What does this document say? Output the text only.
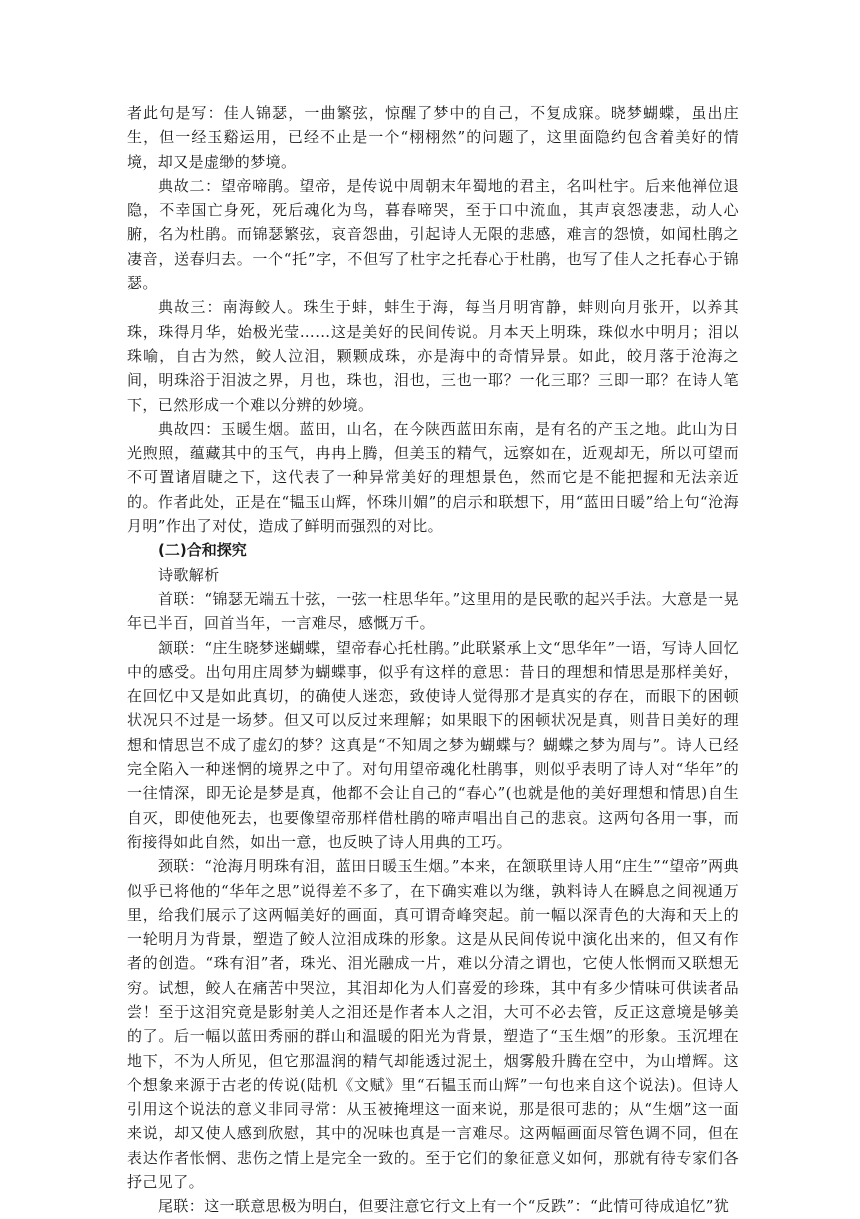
者此句是写：佳人锦瑟，一曲繁弦，惊醒了梦中的自己，不复成寐。晓梦蝴蝶，虽出庄生，但一经玉谿运用，已经不止是一个“栩栩然”的问题了，这里面隐约包含着美好的情境，却又是虚缈的梦境。

典故二：望帝啼鹃。望帝，是传说中周朝末年蜀地的君主，名叫杜宇。后来他禅位退隐，不幸国亡身死，死后魂化为鸟，暮春啼哭，至于口中流血，其声哀怨凄悲，动人心腑，名为杜鹃。而锦瑟繁弦，哀音怨曲，引起诗人无限的悲感，难言的怨愤，如闻杜鹃之凄音，送春归去。一个“托”字，不但写了杜宇之托春心于杜鹃，也写了佳人之托春心于锦瑟。

典故三：南海鲛人。珠生于蚌，蚌生于海，每当月明宵静，蚌则向月张开，以养其珠，珠得月华，始极光莹……这是美好的民间传说。月本天上明珠，珠似水中明月；泪以珠喻，自古为然，鲛人泣泪，颗颗成珠，亦是海中的奇情异景。如此，皎月落于沧海之间，明珠浴于泪波之界，月也，珠也，泪也，三也一耶？一化三耶？三即一耶？在诗人笔下，已然形成一个难以分辨的妙境。

典故四：玉暖生烟。蓝田，山名，在今陕西蓝田东南，是有名的产玉之地。此山为日光煦照，蕴藏其中的玉气，冉冉上腾，但美玉的精气，远察如在，近观却无，所以可望而不可置诸眉睫之下，这代表了一种异常美好的理想景色，然而它是不能把握和无法亲近的。作者此处，正是在“韫玉山辉，怀珠川媚”的启示和联想下，用“蓝田日暖”给上句“沧海月明”作出了对仗，造成了鲜明而强烈的对比。

(二)合和探究

诗歌解析

首联：“锦瑟无端五十弦，一弦一柱思华年。”这里用的是民歌的起兴手法。大意是一晃年已半百，回首当年，一言难尽，感慨万千。

颔联：“庄生晓梦迷蝴蝶，望帝春心托杜鹃。”此联紧承上文“思华年”一语，写诗人回忆中的感受。出句用庄周梦为蝴蝶事，似乎有这样的意思：昔日的理想和情思是那样美好，在回忆中又是如此真切，的确使人迷恋，致使诗人觉得那才是真实的存在，而眼下的困顿状况只不过是一场梦。但又可以反过来理解；如果眼下的困顿状况是真，则昔日美好的理想和情思岂不成了虚幻的梦？这真是“不知周之梦为蝴蝶与？蝴蝶之梦为周与”。诗人已经完全陷入一种迷惘的境界之中了。对句用望帝魂化杜鹃事，则似乎表明了诗人对“华年”的一往情深，即无论是梦是真，他都不会让自己的“春心”(也就是他的美好理想和情思)自生自灭，即使他死去，也要像望帝那样借杜鹃的啼声唱出自己的悲哀。这两句各用一事，而衔接得如此自然，如出一意，也反映了诗人用典的工巧。

颈联：“沧海月明珠有泪，蓝田日暖玉生烟。”本来，在颔联里诗人用“庄生”“望帝”两典似乎已将他的“华年之思”说得差不多了，在下确实难以为继，孰料诗人在瞬息之间视通万里，给我们展示了这两幅美好的画面，真可谓奇峰突起。前一幅以深青色的大海和天上的一轮明月为背景，塑造了鲛人泣泪成珠的形象。这是从民间传说中演化出来的，但又有作者的创造。“珠有泪”者，珠光、泪光融成一片，难以分清之谓也，它使人怅惘而又联想无穷。试想，鲛人在痛苦中哭泣，其泪却化为人们喜爱的珍珠，其中有多少情味可供读者品尝！至于这泪究竟是影射美人之泪还是作者本人之泪，大可不必去管，反正这意境是够美的了。后一幅以蓝田秀丽的群山和温暖的阳光为背景，塑造了“玉生烟”的形象。玉沉埋在地下，不为人所见，但它那温润的精气却能透过泥土，烟雾般升腾在空中，为山增辉。这个想象来源于古老的传说(陆机《文赋》里“石韫玉而山辉”一句也来自这个说法)。但诗人引用这个说法的意义非同寻常：从玉被掩埋这一面来说，那是很可悲的；从“生烟”这一面来说，却又使人感到欣慰，其中的况味也真是一言难尽。这两幅画面尽管色调不同，但在表达作者怅惘、悲伤之情上是完全一致的。至于它们的象征意义如何，那就有待专家们各抒己见了。

尾联：这一联意思极为明白，但要注意它行文上有一个“反跌”：“此情可待成追忆”犹
